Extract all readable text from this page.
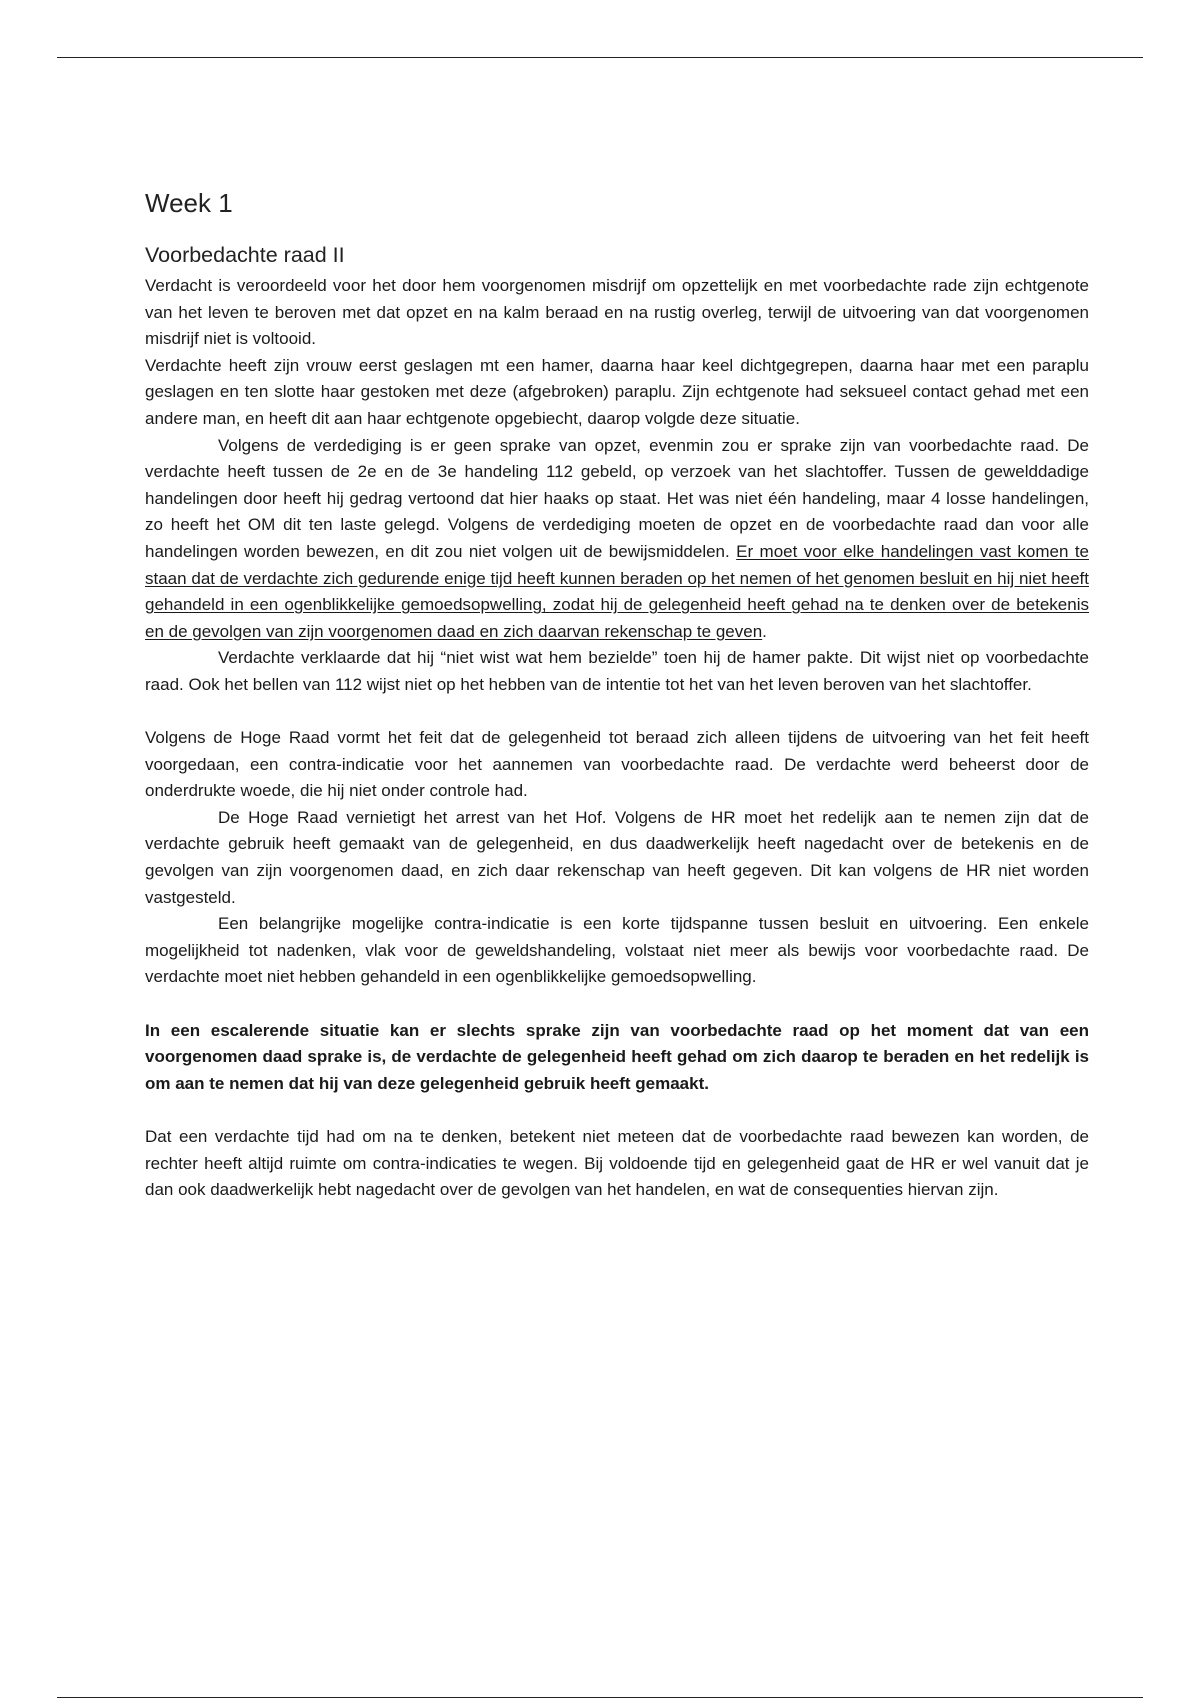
Week 1
Voorbedachte raad II

Verdacht is veroordeeld voor het door hem voorgenomen misdrijf om opzettelijk en met voorbedachte rade zijn echtgenote van het leven te beroven met dat opzet en na kalm beraad en na rustig overleg, terwijl de uitvoering van dat voorgenomen misdrijf niet is voltooid.

Verdachte heeft zijn vrouw eerst geslagen mt een hamer, daarna haar keel dichtgegrepen, daarna haar met een paraplu geslagen en ten slotte haar gestoken met deze (afgebroken) paraplu. Zijn echtgenote had seksueel contact gehad met een andere man, en heeft dit aan haar echtgenote opgebiecht, daarop volgde deze situatie.

Volgens de verdediging is er geen sprake van opzet, evenmin zou er sprake zijn van voorbedachte raad. De verdachte heeft tussen de 2e en de 3e handeling 112 gebeld, op verzoek van het slachtoffer. Tussen de gewelddadige handelingen door heeft hij gedrag vertoond dat hier haaks op staat. Het was niet één handeling, maar 4 losse handelingen, zo heeft het OM dit ten laste gelegd. Volgens de verdediging moeten de opzet en de voorbedachte raad dan voor alle handelingen worden bewezen, en dit zou niet volgen uit de bewijsmiddelen. Er moet voor elke handelingen vast komen te staan dat de verdachte zich gedurende enige tijd heeft kunnen beraden op het nemen of het genomen besluit en hij niet heeft gehandeld in een ogenblikkelijke gemoedsopwelling, zodat hij de gelegenheid heeft gehad na te denken over de betekenis en de gevolgen van zijn voorgenomen daad en zich daarvan rekenschap te geven.

Verdachte verklaarde dat hij “niet wist wat hem bezielde” toen hij de hamer pakte. Dit wijst niet op voorbedachte raad. Ook het bellen van 112 wijst niet op het hebben van de intentie tot het van het leven beroven van het slachtoffer.

Volgens de Hoge Raad vormt het feit dat de gelegenheid tot beraad zich alleen tijdens de uitvoering van het feit heeft voorgedaan, een contra-indicatie voor het aannemen van voorbedachte raad. De verdachte werd beheerst door de onderdrukte woede, die hij niet onder controle had.

De Hoge Raad vernietigt het arrest van het Hof. Volgens de HR moet het redelijk aan te nemen zijn dat de verdachte gebruik heeft gemaakt van de gelegenheid, en dus daadwerkelijk heeft nagedacht over de betekenis en de gevolgen van zijn voorgenomen daad, en zich daar rekenschap van heeft gegeven. Dit kan volgens de HR niet worden vastgesteld.

Een belangrijke mogelijke contra-indicatie is een korte tijdspanne tussen besluit en uitvoering. Een enkele mogelijkheid tot nadenken, vlak voor de geweldshandeling, volstaat niet meer als bewijs voor voorbedachte raad. De verdachte moet niet hebben gehandeld in een ogenblikkelijke gemoedsopwelling.

In een escalerende situatie kan er slechts sprake zijn van voorbedachte raad op het moment dat van een voorgenomen daad sprake is, de verdachte de gelegenheid heeft gehad om zich daarop te beraden en het redelijk is om aan te nemen dat hij van deze gelegenheid gebruik heeft gemaakt.

Dat een verdachte tijd had om na te denken, betekent niet meteen dat de voorbedachte raad bewezen kan worden, de rechter heeft altijd ruimte om contra-indicaties te wegen. Bij voldoende tijd en gelegenheid gaat de HR er wel vanuit dat je dan ook daadwerkelijk hebt nagedacht over de gevolgen van het handelen, en wat de consequenties hiervan zijn.
